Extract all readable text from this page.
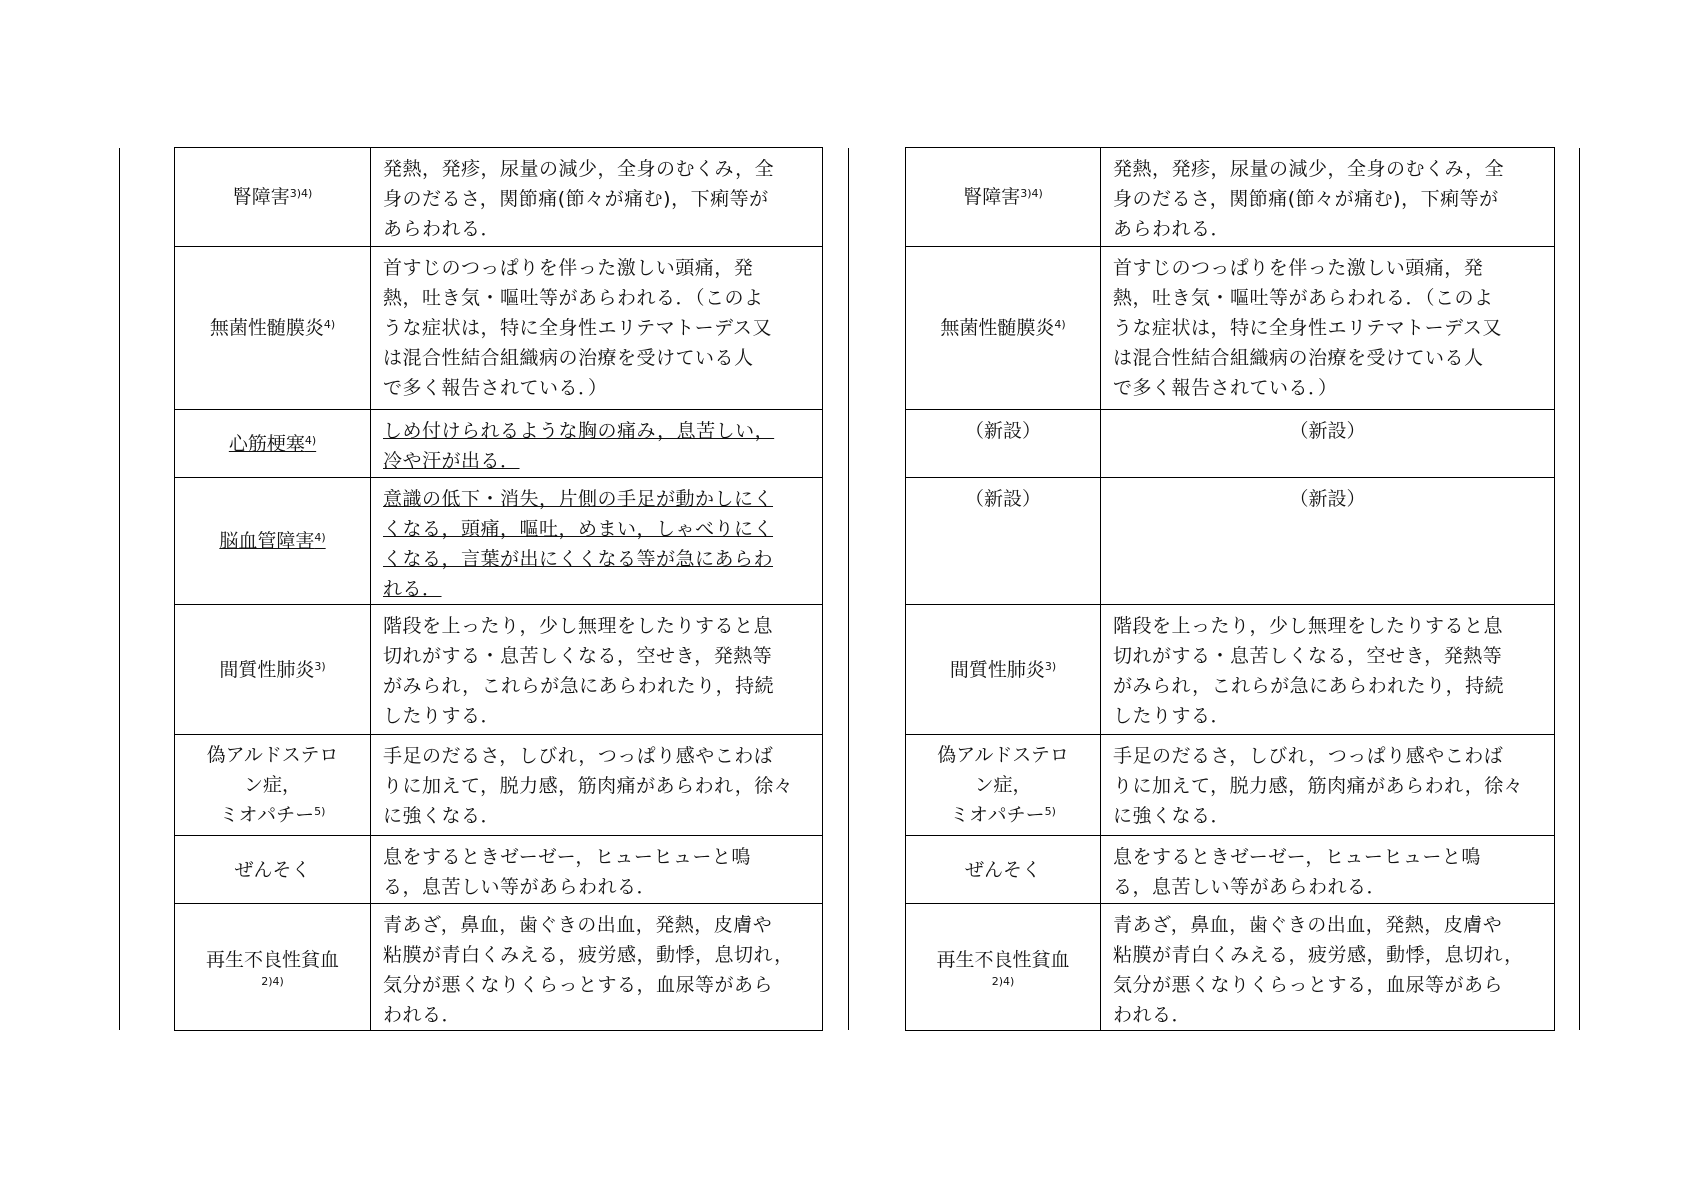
腎障害$^{3)4)}$	発熱，発疹，尿量の減少，全身のむくみ，全
身のだるさ，関節痛(節々が痛む)，下痢等が
あらわれる．

無菌性髄膜炎$^{4)}$	首すじのつっぱりを伴った激しい頭痛，発
熱，吐き気・嘔吐等があらわれる．（このよ
うな症状は，特に全身性エリテマトーデス又
は混合性結合組織病の治療を受けている人
で多く報告されている．）

心筋梗塞$^{4)}$	しめ付けられるような胸の痛み，息苦しい，
冷や汗が出る．

脳血管障害$^{4)}$	意識の低下・消失，片側の手足が動かしにく
くなる，頭痛，嘔吐，めまい，しゃべりにく
くなる，言葉が出にくくなる等が急にあらわ
れる．

間質性肺炎$^{3)}$	階段を上ったり，少し無理をしたりすると息
切れがする・息苦しくなる，空せき，発熱等
がみられ，これらが急にあらわれたり，持続
したりする．

偽アルドステロ
ン症，
ミオパチー$^{5)}$	手足のだるさ，しびれ，つっぱり感やこわば
りに加えて，脱力感，筋肉痛があらわれ，徐々
に強くなる．

ぜんそく	息をするときゼーゼー，ヒューヒューと鳴
る，息苦しい等があらわれる．

再生不良性貧血
2)4)	青あざ，鼻血，歯ぐきの出血，発熱，皮膚や
粘膜が青白くみえる，疲労感，動悸，息切れ，
気分が悪くなりくらっとする，血尿等があら
われる．
腎障害$^{3)4)}$	発熱，発疹，尿量の減少，全身のむくみ，全
身のだるさ，関節痛(節々が痛む)，下痢等が
あらわれる．

無菌性髄膜炎$^{4)}$	首すじのつっぱりを伴った激しい頭痛，発
熱，吐き気・嘔吐等があらわれる．（このよ
うな症状は，特に全身性エリテマトーデス又
は混合性結合組織病の治療を受けている人
で多く報告されている．）

（新設）	（新設）
（新設）	（新設）
間質性肺炎$^{3)}$	階段を上ったり，少し無理をしたりすると息
切れがする・息苦しくなる，空せき，発熱等
がみられ，これらが急にあらわれたり，持続
したりする．

偽アルドステロ
ン症，
ミオパチー$^{5)}$	手足のだるさ，しびれ，つっぱり感やこわば
りに加えて，脱力感，筋肉痛があらわれ，徐々
に強くなる．

ぜんそく	息をするときゼーゼー，ヒューヒューと鳴
る，息苦しい等があらわれる．

再生不良性貧血
2)4)	青あざ，鼻血，歯ぐきの出血，発熱，皮膚や
粘膜が青白くみえる，疲労感，動悸，息切れ，
気分が悪くなりくらっとする，血尿等があら
われる．
